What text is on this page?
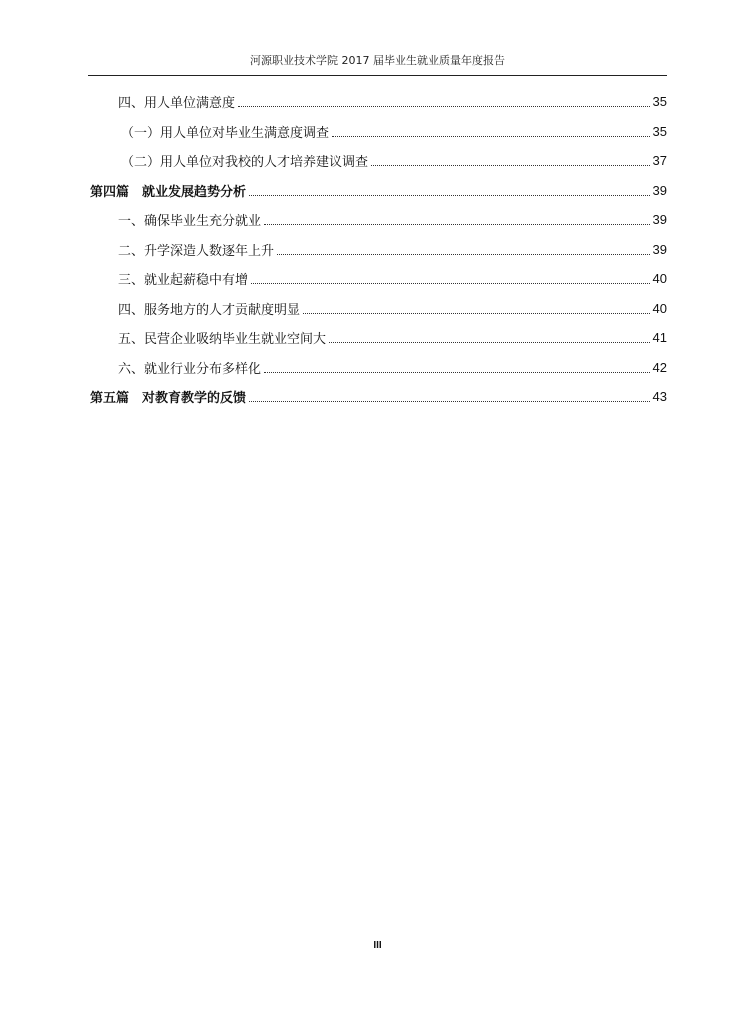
河源职业技术学院 2017 届毕业生就业质量年度报告
四、用人单位满意度	35
（一）用人单位对毕业生满意度调查	35
（二）用人单位对我校的人才培养建议调查	37
第四篇　就业发展趋势分析	39
一、确保毕业生充分就业	39
二、升学深造人数逐年上升	39
三、就业起薪稳中有增	40
四、服务地方的人才贡献度明显	40
五、民营企业吸纳毕业生就业空间大	41
六、就业行业分布多样化	42
第五篇　对教育教学的反馈	43
III
